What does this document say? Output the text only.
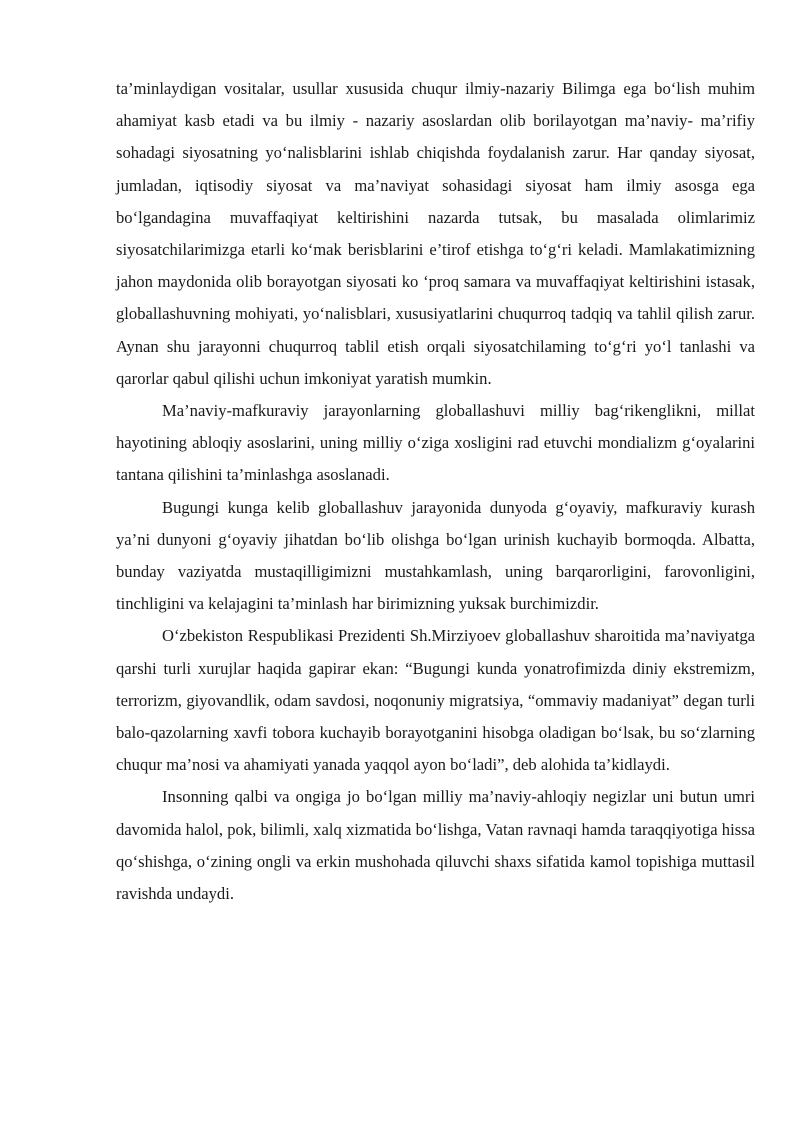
ta’minlaydigan vositalar, usullar xususida chuqur ilmiy-nazariy Bilimga ega bo‘lish muhim ahamiyat kasb etadi va bu ilmiy - nazariy asoslardan olib borilayotgan ma’naviy- ma’rifiy sohadagi siyosatning yo‘nalisblarini ishlab chiqishda foydalanish zarur. Har qanday siyosat, jumladan, iqtisodiy siyosat va ma’naviyat sohasidagi siyosat ham ilmiy asosga ega bo‘lgandagina muvaffaqiyat keltirishini nazarda tutsak, bu masalada olimlarimiz siyosatchilarimizga etarli ko‘mak berisblarini e’tirof etishga to‘g‘ri keladi. Mamlakatimizning jahon maydonida olib borayotgan siyosati ko ‘proq samara va muvaffaqiyat keltirishini istasak, globallashuvning mohiyati, yo‘nalisblari, xususiyatlarini chuqurroq tadqiq va tahlil qilish zarur. Aynan shu jarayonni chuqurroq tablil etish orqali siyosatchilaming to‘g‘ri yo‘l tanlashi va qarorlar qabul qilishi uchun imkoniyat yaratish mumkin.

Ma’naviy-mafkuraviy jarayonlarning globallashuvi milliy bag‘rikenglikni, millat hayotining abloqiy asoslarini, uning milliy o‘ziga xosligini rad etuvchi mondializm g‘oyalarini tantana qilishini ta’minlashga asoslanadi.

Bugungi kunga kelib globallashuv jarayonida dunyoda g‘oyaviy, mafkuraviy kurash ya’ni dunyoni g‘oyaviy jihatdan bo‘lib olishga bo‘lgan urinish kuchayib bormoqda. Albatta, bunday vaziyatda mustaqilligimizni mustahkamlash, uning barqarorligini, farovonligini, tinchligini va kelajagini ta’minlash har birimizning yuksak burchimizdir.

O‘zbekiston Respublikasi Prezidenti Sh.Mirziyoev globallashuv sharoitida ma’naviyatga qarshi turli xurujlar haqida gapirar ekan: “Bugungi kunda yonatrofimizda diniy ekstremizm, terrorizm, giyovandlik, odam savdosi, noqonuniy migratsiya, “ommaviy madaniyat” degan turli balo-qazolarning xavfi tobora kuchayib borayotganini hisobga oladigan bo‘lsak, bu so‘zlarning chuqur ma’nosi va ahamiyati yanada yaqqol ayon bo‘ladi”, deb alohida ta’kidlaydi.

Insonning qalbi va ongiga jo bo‘lgan milliy ma’naviy-ahloqiy negizlar uni butun umri davomida halol, pok, bilimli, xalq xizmatida bo‘lishga, Vatan ravnaqi hamda taraqqiyotiga hissa qo‘shishga, o‘zining ongli va erkin mushohada qiluvchi shaxs sifatida kamol topishiga muttasil ravishda undaydi.
